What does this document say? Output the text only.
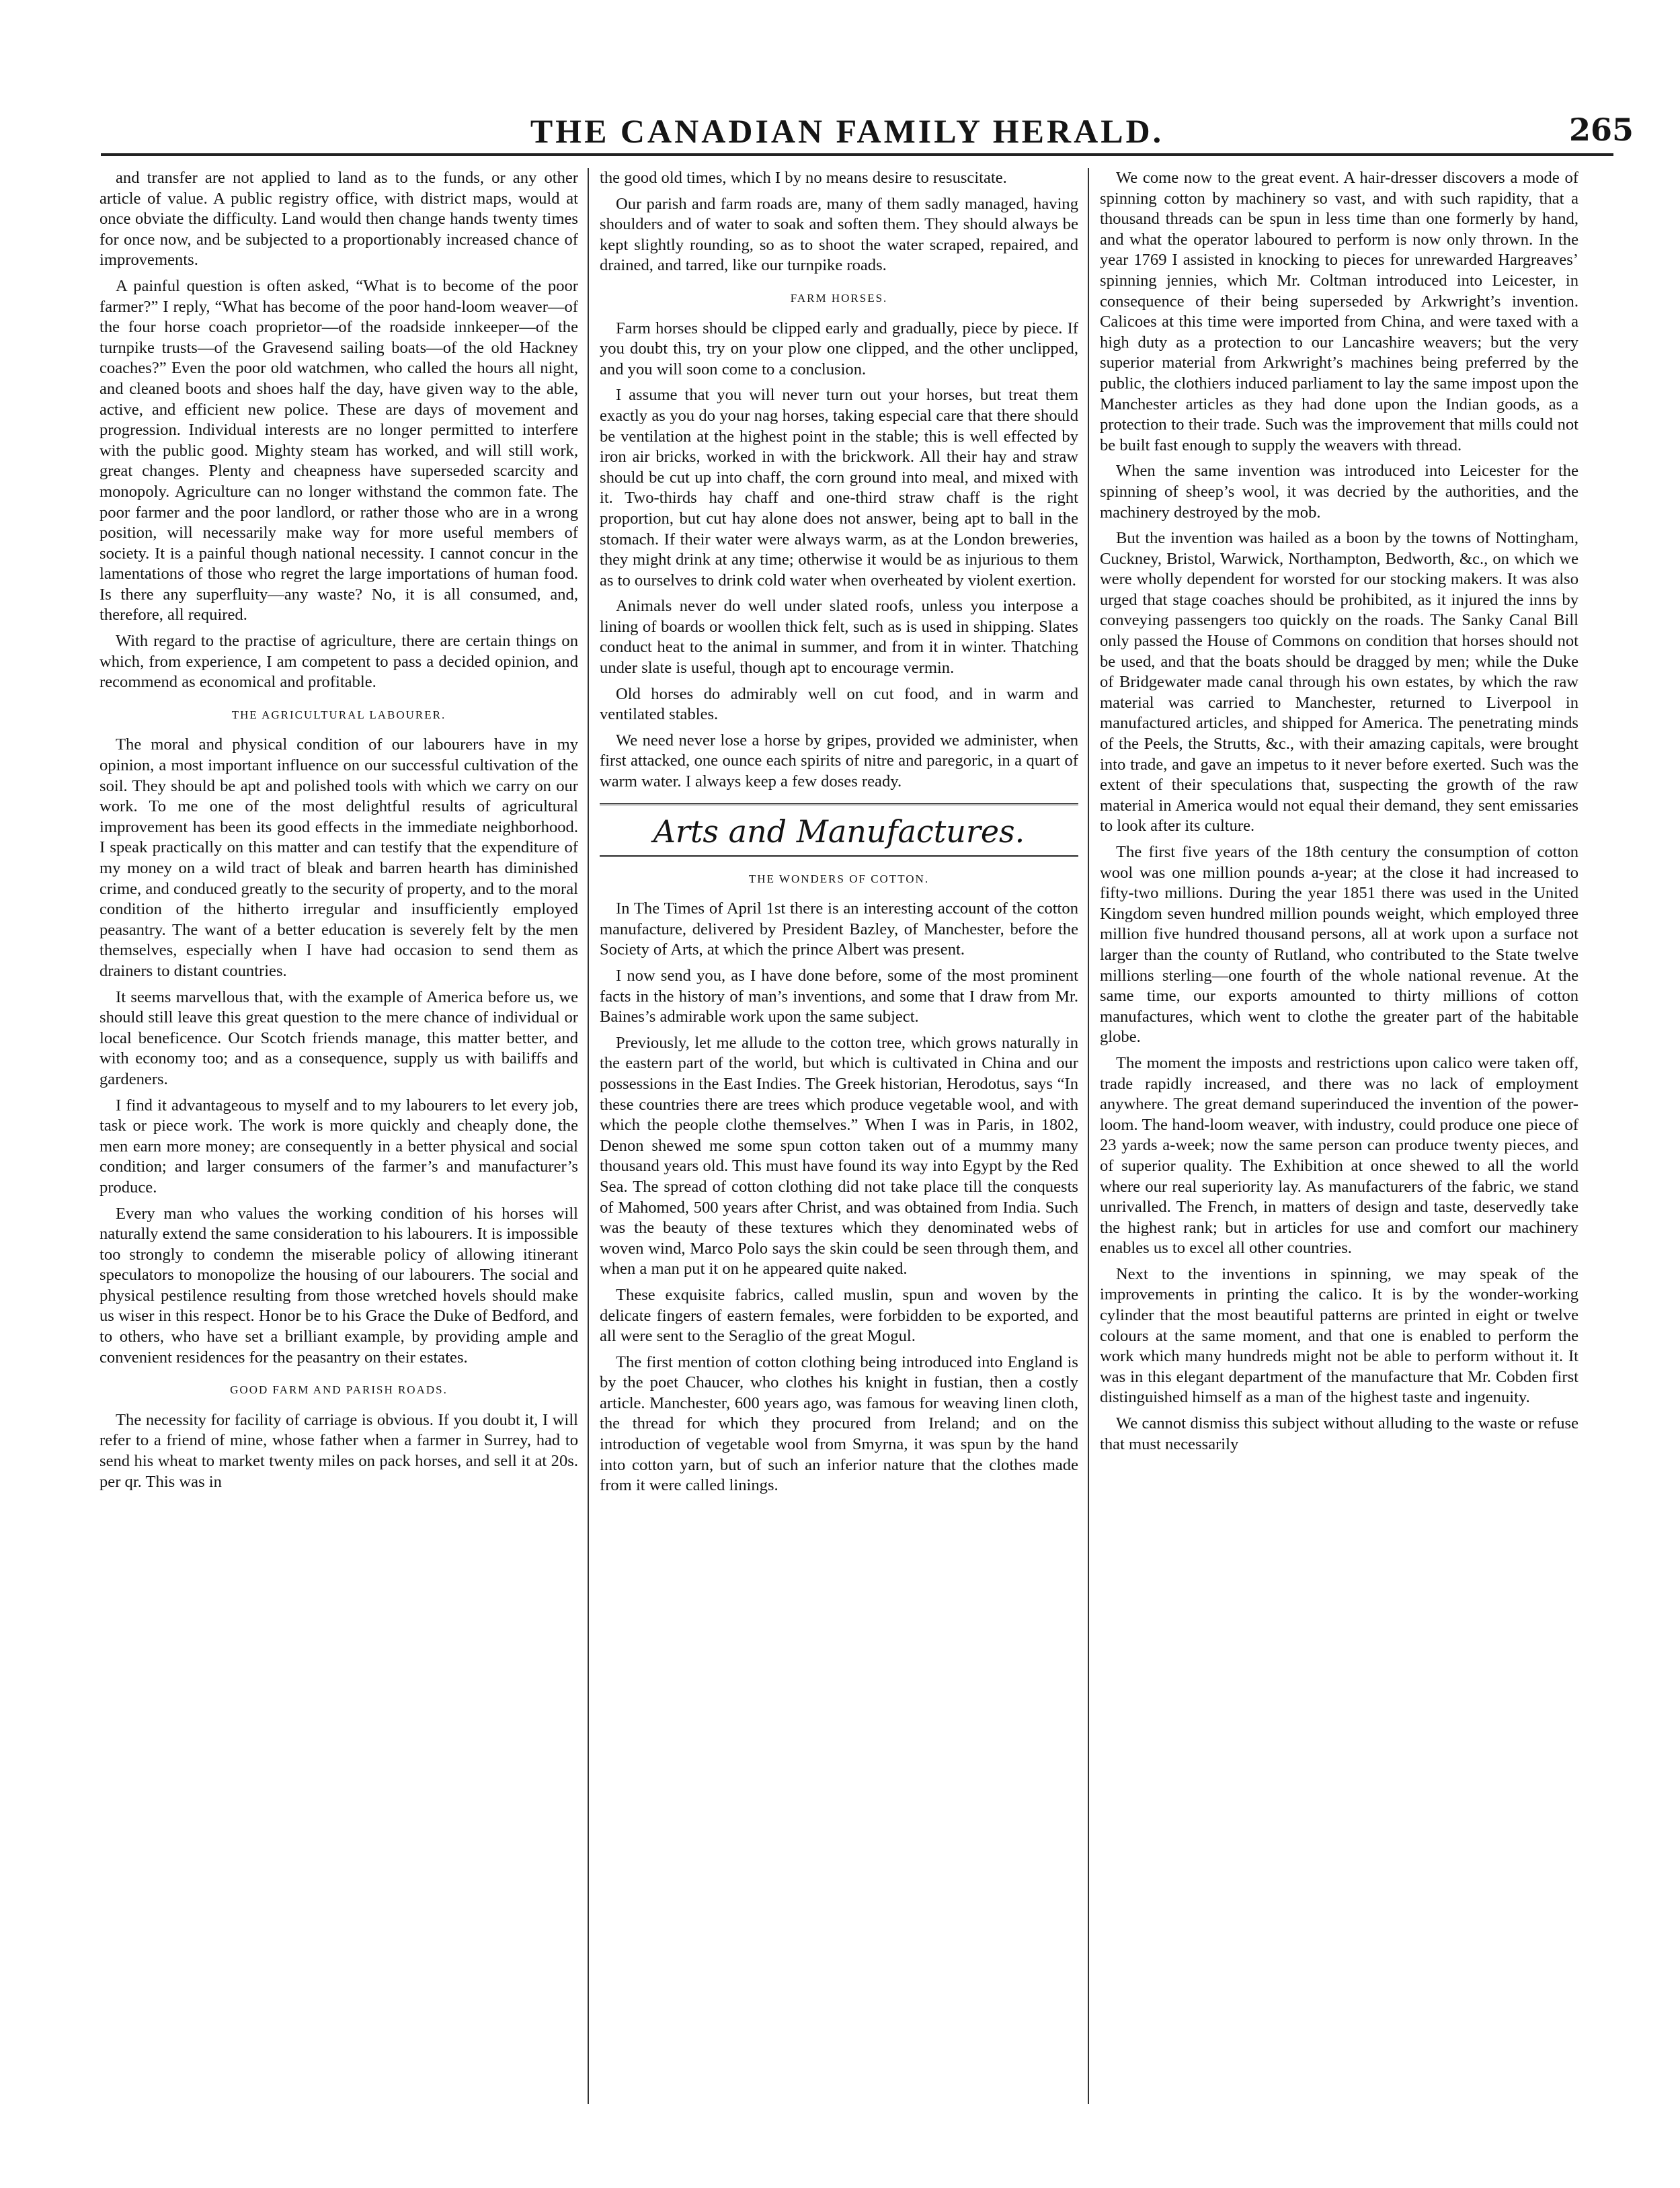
THE CANADIAN FAMILY HERALD.	265

and transfer are not applied to land as to the funds, or any other article of value. A public registry office, with district maps, would at once obviate the difficulty. Land would then change hands twenty times for once now, and be subjected to a proportionably increased chance of improvements.

A painful question is often asked, “What is to become of the poor farmer?” I reply, “What has become of the poor hand-loom weaver—of the four horse coach proprietor—of the roadside innkeeper—of the turnpike trusts—of the Gravesend sailing boats—of the old Hackney coaches?” Even the poor old watchmen, who called the hours all night, and cleaned boots and shoes half the day, have given way to the able, active, and efficient new police. These are days of movement and progression. Individual interests are no longer permitted to interfere with the public good. Mighty steam has worked, and will still work, great changes. Plenty and cheapness have superseded scarcity and monopoly. Agriculture can no longer withstand the common fate. The poor farmer and the poor landlord, or rather those who are in a wrong position, will necessarily make way for more useful members of society. It is a painful though national necessity. I cannot concur in the lamentations of those who regret the large importations of human food. Is there any superfluity—any waste? No, it is all consumed, and, therefore, all required.

With regard to the practise of agriculture, there are certain things on which, from experience, I am competent to pass a decided opinion, and recommend as economical and profitable.

THE AGRICULTURAL LABOURER.

The moral and physical condition of our labourers have in my opinion, a most important influence on our successful cultivation of the soil. They should be apt and polished tools with which we carry on our work. To me one of the most delightful results of agricultural improvement has been its good effects in the immediate neighborhood. I speak practically on this matter and can testify that the expenditure of my money on a wild tract of bleak and barren hearth has diminished crime, and conduced greatly to the security of property, and to the moral condition of the hitherto irregular and insufficiently employed peasantry. The want of a better education is severely felt by the men themselves, especially when I have had occasion to send them as drainers to distant countries.

It seems marvellous that, with the example of America before us, we should still leave this great question to the mere chance of individual or local beneficence. Our Scotch friends manage, this matter better, and with economy too; and as a consequence, supply us with bailiffs and gardeners.

I find it advantageous to myself and to my labourers to let every job, task or piece work. The work is more quickly and cheaply done, the men earn more money; are consequently in a better physical and social condition; and larger consumers of the farmer’s and manufacturer’s produce.

Every man who values the working condition of his horses will naturally extend the same consideration to his labourers. It is impossible too strongly to condemn the miserable policy of allowing itinerant speculators to monopolize the housing of our labourers. The social and physical pestilence resulting from those wretched hovels should make us wiser in this respect. Honor be to his Grace the Duke of Bedford, and to others, who have set a brilliant example, by providing ample and convenient residences for the peasantry on their estates.

GOOD FARM AND PARISH ROADS.

The necessity for facility of carriage is obvious. If you doubt it, I will refer to a friend of mine, whose father when a farmer in Surrey, had to send his wheat to market twenty miles on pack horses, and sell it at 20s. per qr. This was in

the good old times, which I by no means desire to resuscitate.

Our parish and farm roads are, many of them sadly managed, having shoulders and of water to soak and soften them. They should always be kept slightly rounding, so as to shoot the water scraped, repaired, and drained, and tarred, like our turnpike roads.

FARM HORSES.

Farm horses should be clipped early and gradually, piece by piece. If you doubt this, try on your plow one clipped, and the other unclipped, and you will soon come to a conclusion.

I assume that you will never turn out your horses, but treat them exactly as you do your nag horses, taking especial care that there should be ventilation at the highest point in the stable; this is well effected by iron air bricks, worked in with the brickwork. All their hay and straw should be cut up into chaff, the corn ground into meal, and mixed with it. Two-thirds hay chaff and one-third straw chaff is the right proportion, but cut hay alone does not answer, being apt to ball in the stomach. If their water were always warm, as at the London breweries, they might drink at any time; otherwise it would be as injurious to them as to ourselves to drink cold water when overheated by violent exertion.

Animals never do well under slated roofs, unless you interpose a lining of boards or woollen thick felt, such as is used in shipping. Slates conduct heat to the animal in summer, and from it in winter. Thatching under slate is useful, though apt to encourage vermin.

Old horses do admirably well on cut food, and in warm and ventilated stables.

We need never lose a horse by gripes, provided we administer, when first attacked, one ounce each spirits of nitre and paregoric, in a quart of warm water. I always keep a few doses ready.

Arts and Manufactures.
THE WONDERS OF COTTON.

In The Times of April 1st there is an interesting account of the cotton manufacture, delivered by President Bazley, of Manchester, before the Society of Arts, at which the prince Albert was present.

I now send you, as I have done before, some of the most prominent facts in the history of man’s inventions, and some that I draw from Mr. Baines’s admirable work upon the same subject.

Previously, let me allude to the cotton tree, which grows naturally in the eastern part of the world, but which is cultivated in China and our possessions in the East Indies. The Greek historian, Herodotus, says “In these countries there are trees which produce vegetable wool, and with which the people clothe themselves.” When I was in Paris, in 1802, Denon shewed me some spun cotton taken out of a mummy many thousand years old. This must have found its way into Egypt by the Red Sea. The spread of cotton clothing did not take place till the conquests of Mahomed, 500 years after Christ, and was obtained from India. Such was the beauty of these textures which they denominated webs of woven wind, Marco Polo says the skin could be seen through them, and when a man put it on he appeared quite naked.

These exquisite fabrics, called muslin, spun and woven by the delicate fingers of eastern females, were forbidden to be exported, and all were sent to the Seraglio of the great Mogul.

The first mention of cotton clothing being introduced into England is by the poet Chaucer, who clothes his knight in fustian, then a costly article. Manchester, 600 years ago, was famous for weaving linen cloth, the thread for which they procured from Ireland; and on the introduction of vegetable wool from Smyrna, it was spun by the hand into cotton yarn, but of such an inferior nature that the clothes made from it were called linings.

We come now to the great event. A hair-dresser discovers a mode of spinning cotton by machinery so vast, and with such rapidity, that a thousand threads can be spun in less time than one formerly by hand, and what the operator laboured to perform is now only thrown. In the year 1769 I assisted in knocking to pieces for unrewarded Hargreaves’ spinning jennies, which Mr. Coltman introduced into Leicester, in consequence of their being superseded by Arkwright’s invention. Calicoes at this time were imported from China, and were taxed with a high duty as a protection to our Lancashire weavers; but the very superior material from Arkwright’s machines being preferred by the public, the clothiers induced parliament to lay the same impost upon the Manchester articles as they had done upon the Indian goods, as a protection to their trade. Such was the improvement that mills could not be built fast enough to supply the weavers with thread.

When the same invention was introduced into Leicester for the spinning of sheep’s wool, it was decried by the authorities, and the machinery destroyed by the mob.

But the invention was hailed as a boon by the towns of Nottingham, Cuckney, Bristol, Warwick, Northampton, Bedworth, &c., on which we were wholly dependent for worsted for our stocking makers. It was also urged that stage coaches should be prohibited, as it injured the inns by conveying passengers too quickly on the roads. The Sanky Canal Bill only passed the House of Commons on condition that horses should not be used, and that the boats should be dragged by men; while the Duke of Bridgewater made canal through his own estates, by which the raw material was carried to Manchester, returned to Liverpool in manufactured articles, and shipped for America. The penetrating minds of the Peels, the Strutts, &c., with their amazing capitals, were brought into trade, and gave an impetus to it never before exerted. Such was the extent of their speculations that, suspecting the growth of the raw material in America would not equal their demand, they sent emissaries to look after its culture.

The first five years of the 18th century the consumption of cotton wool was one million pounds a-year; at the close it had increased to fifty-two millions. During the year 1851 there was used in the United Kingdom seven hundred million pounds weight, which employed three million five hundred thousand persons, all at work upon a surface not larger than the county of Rutland, who contributed to the State twelve millions sterling—one fourth of the whole national revenue. At the same time, our exports amounted to thirty millions of cotton manufactures, which went to clothe the greater part of the habitable globe.

The moment the imposts and restrictions upon calico were taken off, trade rapidly increased, and there was no lack of employment anywhere. The great demand superinduced the invention of the power-loom. The hand-loom weaver, with industry, could produce one piece of 23 yards a-week; now the same person can produce twenty pieces, and of superior quality. The Exhibition at once shewed to all the world where our real superiority lay. As manufacturers of the fabric, we stand unrivalled. The French, in matters of design and taste, deservedly take the highest rank; but in articles for use and comfort our machinery enables us to excel all other countries.

Next to the inventions in spinning, we may speak of the improvements in printing the calico. It is by the wonder-working cylinder that the most beautiful patterns are printed in eight or twelve colours at the same moment, and that one is enabled to perform the work which many hundreds might not be able to perform without it. It was in this elegant department of the manufacture that Mr. Cobden first distinguished himself as a man of the highest taste and ingenuity.

We cannot dismiss this subject without alluding to the waste or refuse that must necessarily
